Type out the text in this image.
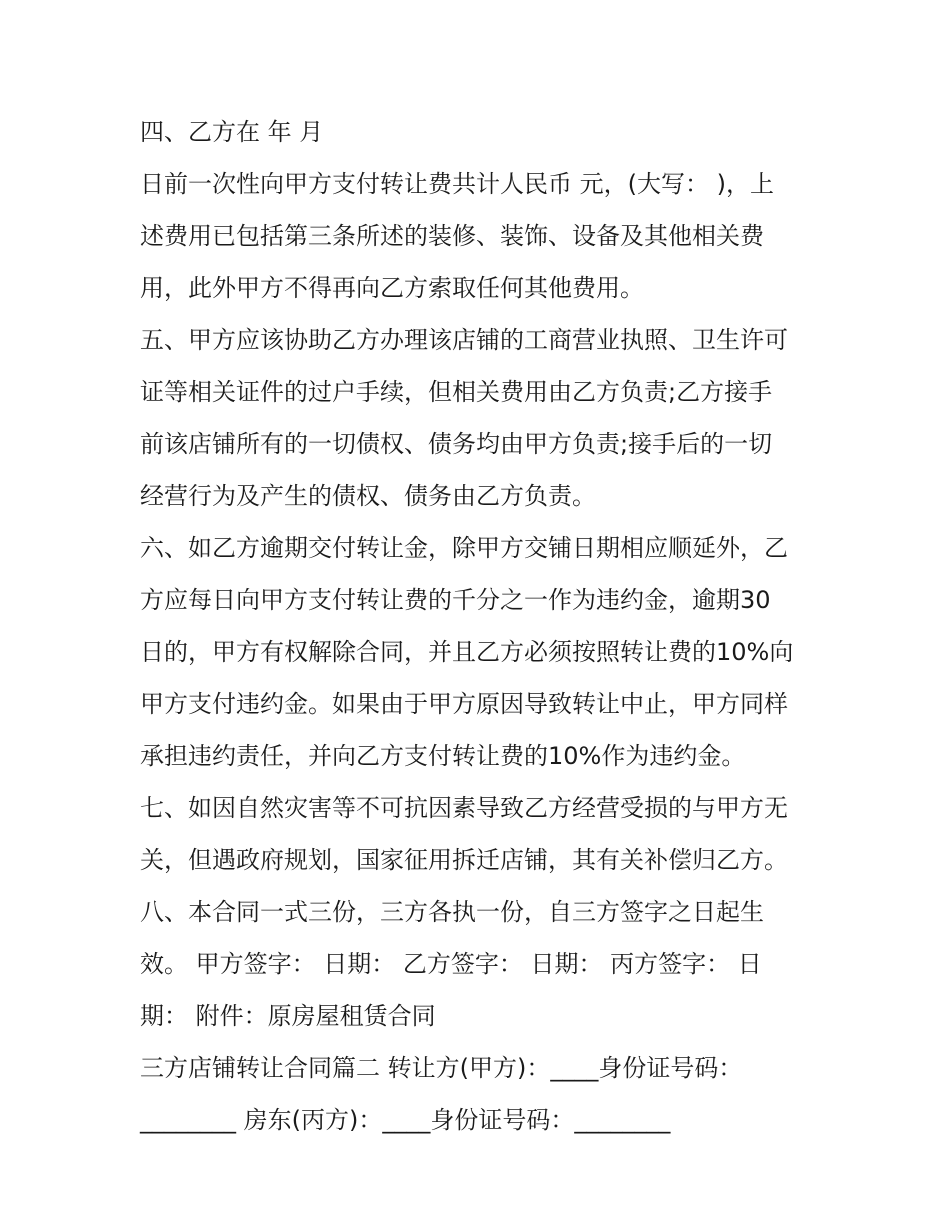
四、乙方在 年 月
日前一次性向甲方支付转让费共计人民币 元，(大写： )，上
述费用已包括第三条所述的装修、装饰、设备及其他相关费
用，此外甲方不得再向乙方索取任何其他费用。
五、甲方应该协助乙方办理该店铺的工商营业执照、卫生许可
证等相关证件的过户手续，但相关费用由乙方负责;乙方接手
前该店铺所有的一切债权、债务均由甲方负责;接手后的一切
经营行为及产生的债权、债务由乙方负责。
六、如乙方逾期交付转让金，除甲方交铺日期相应顺延外，乙
方应每日向甲方支付转让费的千分之一作为违约金，逾期30
日的，甲方有权解除合同，并且乙方必须按照转让费的10%向
甲方支付违约金。如果由于甲方原因导致转让中止，甲方同样
承担违约责任，并向乙方支付转让费的10%作为违约金。
七、如因自然灾害等不可抗因素导致乙方经营受损的与甲方无
关，但遇政府规划，国家征用拆迁店铺，其有关补偿归乙方。
八、本合同一式三份，三方各执一份，自三方签字之日起生
效。 甲方签字： 日期： 乙方签字： 日期： 丙方签字： 日
期： 附件：原房屋租赁合同
三方店铺转让合同篇二 转让方(甲方)：____身份证号码：
________ 房东(丙方)：____身份证号码：________
